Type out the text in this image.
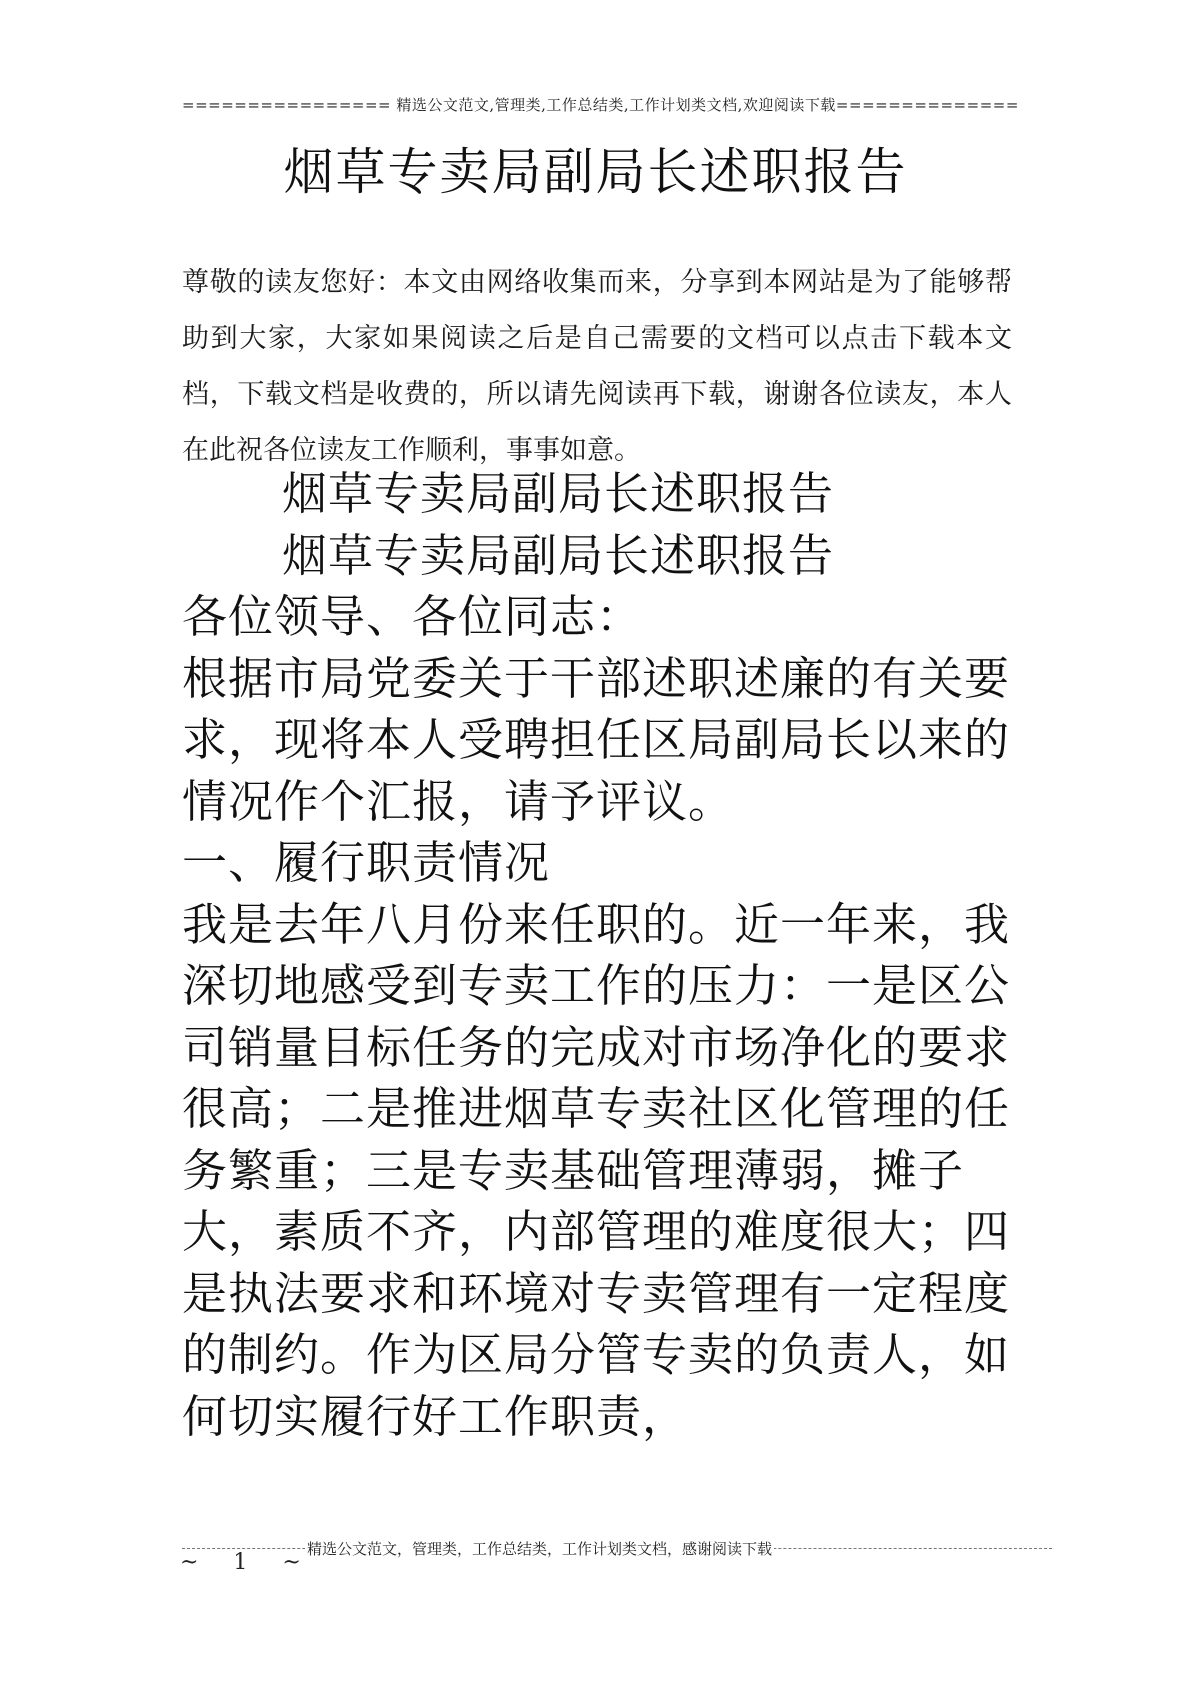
================ 精选公文范文,管理类,工作总结类,工作计划类文档,欢迎阅读下载==============
烟草专卖局副局长述职报告
尊敬的读友您好：本文由网络收集而来，分享到本网站是为了能够帮助到大家，大家如果阅读之后是自己需要的文档可以点击下载本文档，下载文档是收费的，所以请先阅读再下载，谢谢各位读友，本人在此祝各位读友工作顺利，事事如意。
烟草专卖局副局长述职报告
烟草专卖局副局长述职报告

各位领导、各位同志：

根据市局党委关于干部述职述廉的有关要求，现将本人受聘担任区局副局长以来的情况作个汇报，请予评议。

一、履行职责情况

我是去年八月份来任职的。近一年来，我深切地感受到专卖工作的压力：一是区公司销量目标任务的完成对市场净化的要求很高；二是推进烟草专卖社区化管理的任务繁重；三是专卖基础管理薄弱，摊子大，素质不齐，内部管理的难度很大；四是执法要求和环境对专卖管理有一定程度的制约。作为区局分管专卖的负责人，如何切实履行好工作职责，

精选公文范文，管理类，工作总结类，工作计划类文档，感谢阅读下载
~ 1 ~
